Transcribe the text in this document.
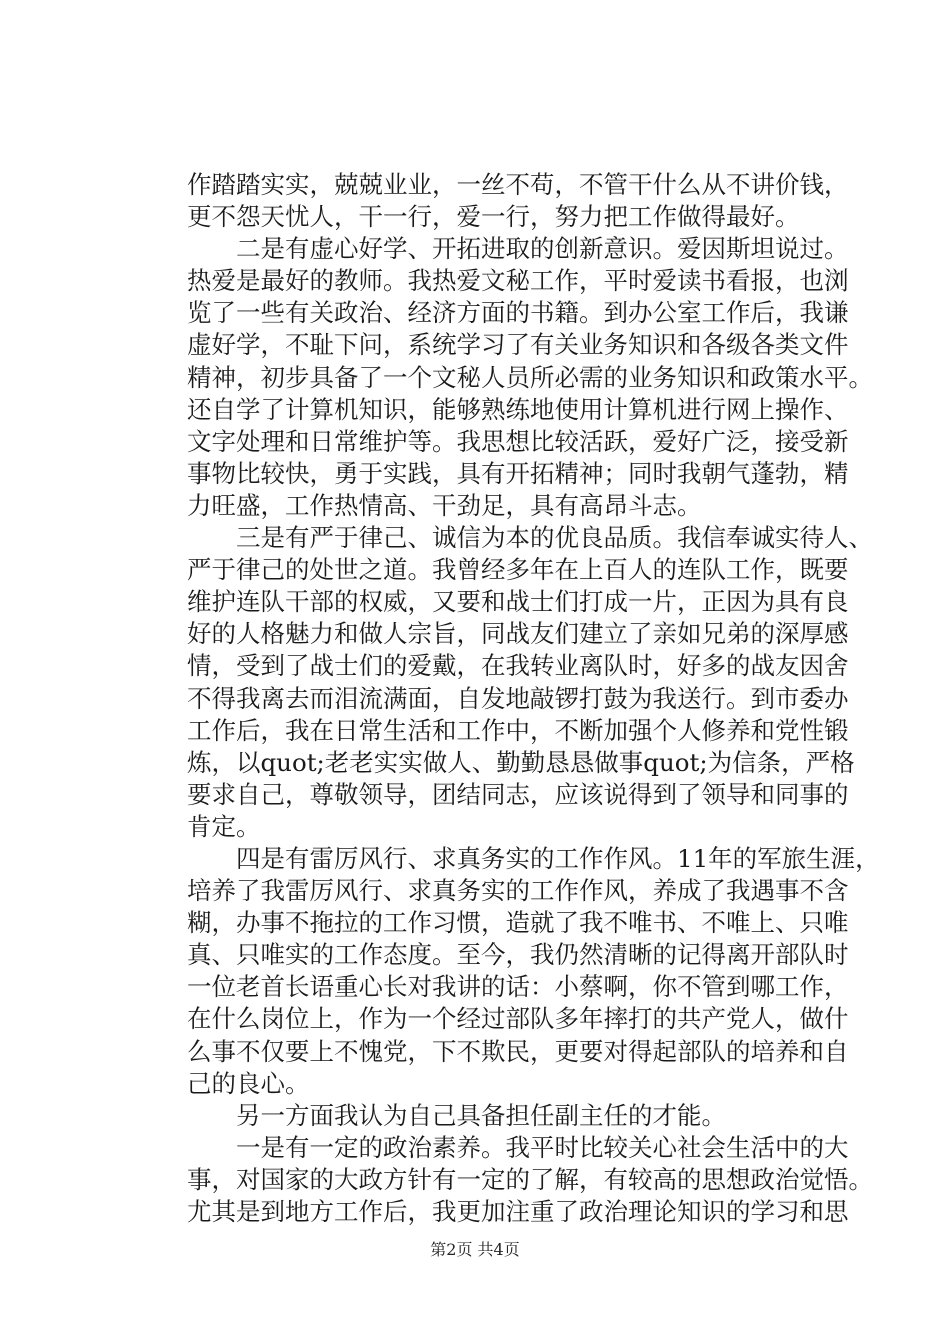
作踏踏实实，兢兢业业，一丝不苟，不管干什么从不讲价钱，
更不怨天忧人，干一行，爱一行，努力把工作做得最好。
二是有虚心好学、开拓进取的创新意识。爱因斯坦说过。
热爱是最好的教师。我热爱文秘工作，平时爱读书看报，也浏
览了一些有关政治、经济方面的书籍。到办公室工作后，我谦
虚好学，不耻下问，系统学习了有关业务知识和各级各类文件
精神，初步具备了一个文秘人员所必需的业务知识和政策水平。
还自学了计算机知识，能够熟练地使用计算机进行网上操作、
文字处理和日常维护等。我思想比较活跃，爱好广泛，接受新
事物比较快，勇于实践，具有开拓精神；同时我朝气蓬勃，精
力旺盛，工作热情高、干劲足，具有高昂斗志。
三是有严于律己、诚信为本的优良品质。我信奉诚实待人、
严于律己的处世之道。我曾经多年在上百人的连队工作，既要
维护连队干部的权威，又要和战士们打成一片，正因为具有良
好的人格魅力和做人宗旨，同战友们建立了亲如兄弟的深厚感
情，受到了战士们的爱戴，在我转业离队时，好多的战友因舍
不得我离去而泪流满面，自发地敲锣打鼓为我送行。到市委办
工作后，我在日常生活和工作中，不断加强个人修养和党性锻
炼，以quot;老老实实做人、勤勤恳恳做事quot;为信条，严格
要求自己，尊敬领导，团结同志，应该说得到了领导和同事的
肯定。
四是有雷厉风行、求真务实的工作作风。11年的军旅生涯，
培养了我雷厉风行、求真务实的工作作风，养成了我遇事不含
糊，办事不拖拉的工作习惯，造就了我不唯书、不唯上、只唯
真、只唯实的工作态度。至今，我仍然清晰的记得离开部队时
一位老首长语重心长对我讲的话：小蔡啊，你不管到哪工作，
在什么岗位上，作为一个经过部队多年摔打的共产党人，做什
么事不仅要上不愧党，下不欺民，更要对得起部队的培养和自
己的良心。
另一方面我认为自己具备担任副主任的才能。
一是有一定的政治素养。我平时比较关心社会生活中的大
事，对国家的大政方针有一定的了解，有较高的思想政治觉悟。
尤其是到地方工作后，我更加注重了政治理论知识的学习和思
第2页 共4页
